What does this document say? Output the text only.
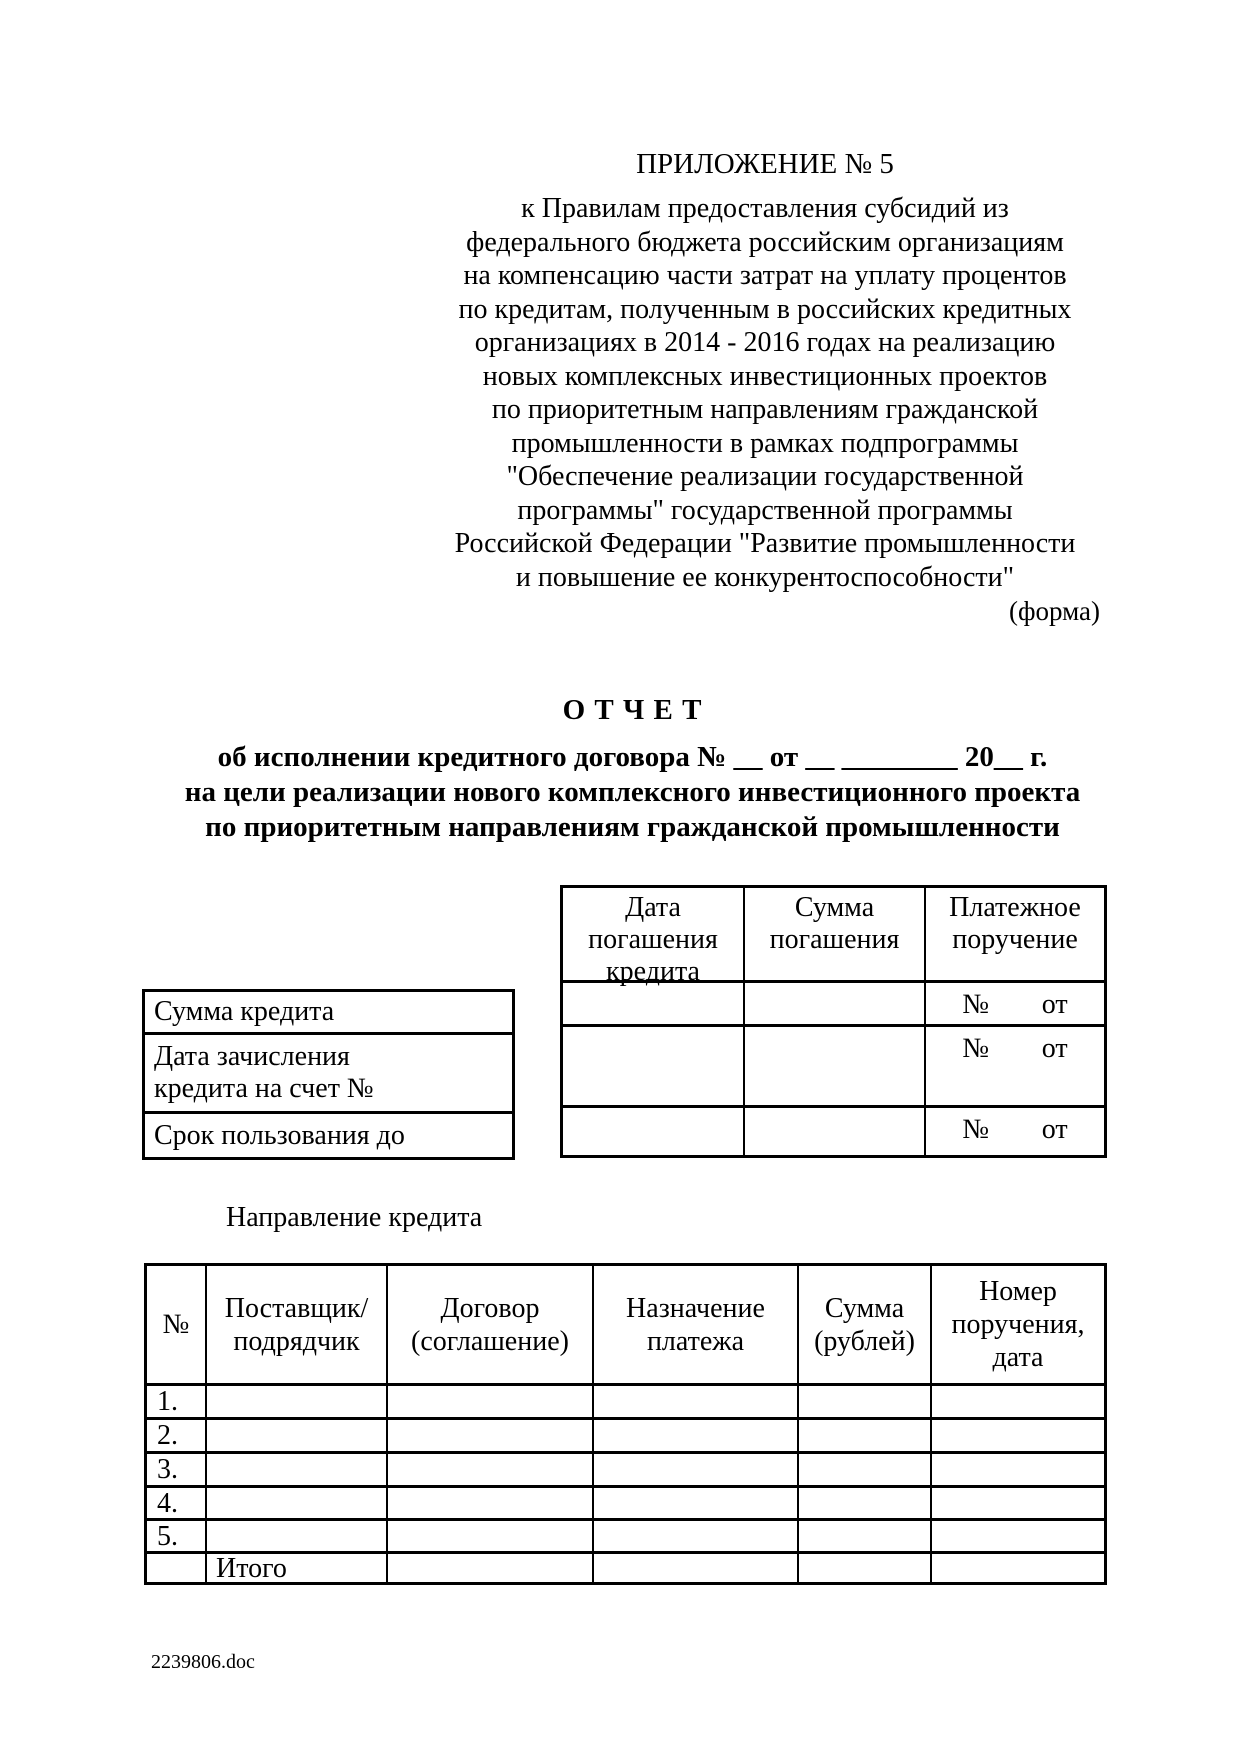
ПРИЛОЖЕНИЕ № 5
к Правилам предоставления субсидий из
федерального бюджета российским организациям
на компенсацию части затрат на уплату процентов
по кредитам, полученным в российских кредитных
организациях в 2014 - 2016 годах на реализацию
новых комплексных инвестиционных проектов
по приоритетным направлениям гражданской
промышленности в рамках подпрограммы
"Обеспечение реализации государственной
программы" государственной программы
Российской Федерации "Развитие промышленности
и повышение ее конкурентоспособности"
(форма)
О Т Ч Е Т
об исполнении кредитного договора № __ от __ ________ 20__ г.
на цели реализации нового комплексного инвестиционного проекта
по приоритетным направлениям гражданской промышленности
Сумма кредита
Дата зачисления кредита на счет №
Срок пользования до
Дата погашения кредита
Сумма погашения
Платежное поручение
№ от
№ от
№ от
Направление кредита
№
Поставщик/ подрядчик
Договор (соглашение)
Назначение платежа
Сумма (рублей)
Номер поручения, дата
1.
2.
3.
4.
5.
Итого
2239806.doc
